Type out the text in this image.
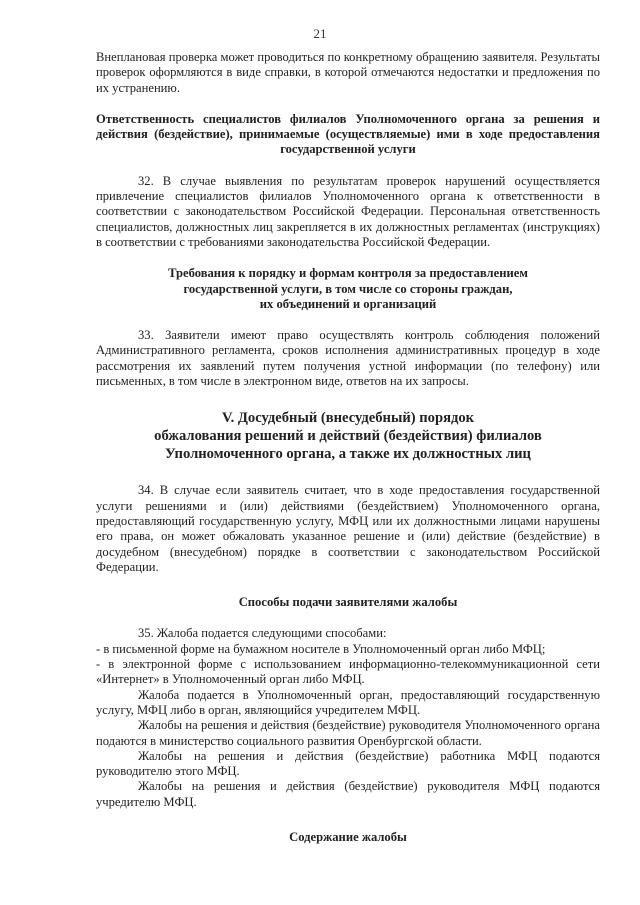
21

Внеплановая проверка может проводиться по конкретному обращению заявителя. Результаты проверок оформляются в виде справки, в которой отмечаются недостатки и предложения по их устранению.

Ответственность специалистов филиалов Уполномоченного органа за решения и действия (бездействие), принимаемые (осуществляемые) ими в ходе предоставления государственной услуги

32. В случае выявления по результатам проверок нарушений осуществляется привлечение специалистов филиалов Уполномоченного органа к ответственности в соответствии с законодательством Российской Федерации. Персональная ответственность специалистов, должностных лиц закрепляется в их должностных регламентах (инструкциях) в соответствии с требованиями законодательства Российской Федерации.

Требования к порядку и формам контроля за предоставлением
государственной услуги, в том числе со стороны граждан,
их объединений и организаций

33. Заявители имеют право осуществлять контроль соблюдения положений Административного регламента, сроков исполнения административных процедур в ходе рассмотрения их заявлений путем получения устной информации (по телефону) или письменных, в том числе в электронном виде, ответов на их запросы.

V. Досудебный (внесудебный) порядок
обжалования решений и действий (бездействия) филиалов
Уполномоченного органа, а также их должностных лиц

34. В случае если заявитель считает, что в ходе предоставления государственной услуги решениями и (или) действиями (бездействием) Уполномоченного органа, предоставляющий государственную услугу, МФЦ или их должностными лицами нарушены его права, он может обжаловать указанное решение и (или) действие (бездействие) в досудебном (внесудебном) порядке в соответствии с законодательством Российской Федерации.

Способы подачи заявителями жалобы

35. Жалоба подается следующими способами:

- в письменной форме на бумажном носителе в Уполномоченный орган либо МФЦ;

- в электронной форме с использованием информационно-телекоммуникационной сети «Интернет» в Уполномоченный орган либо МФЦ.

Жалоба подается в Уполномоченный орган, предоставляющий государственную услугу, МФЦ либо в орган, являющийся учредителем МФЦ.

Жалобы на решения и действия (бездействие) руководителя Уполномоченного органа подаются в министерство социального развития Оренбургской области.

Жалобы на решения и действия (бездействие) работника МФЦ подаются руководителю этого МФЦ.

Жалобы на решения и действия (бездействие) руководителя МФЦ подаются учредителю МФЦ.

Содержание жалобы
